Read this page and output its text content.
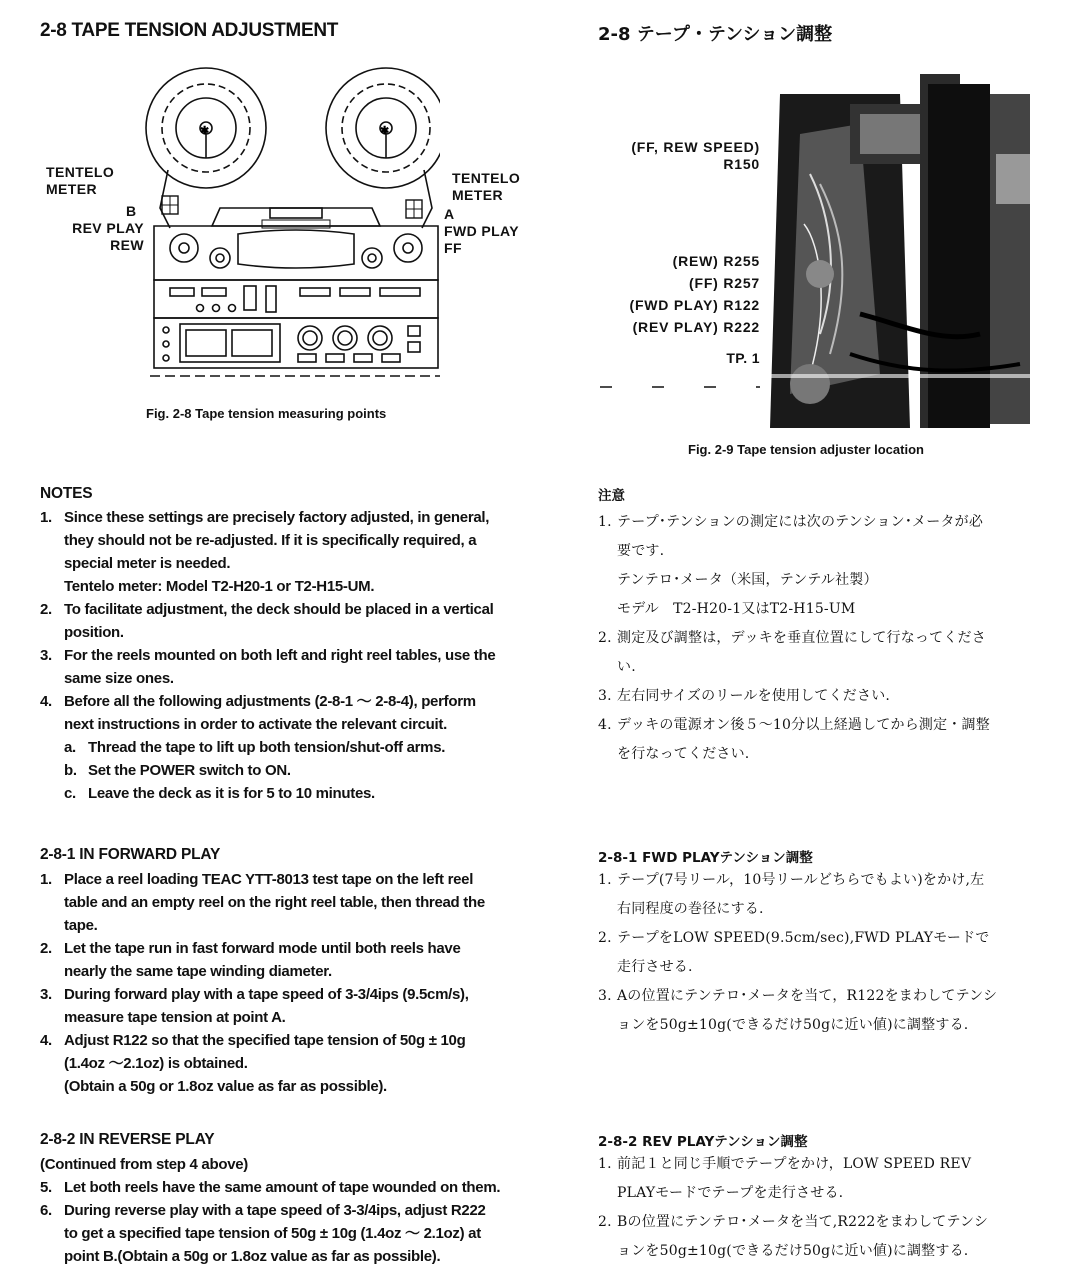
2-8 TAPE TENSION ADJUSTMENT	2-8 テープ・テンション調整
✱	✱
TENTELO
METER
B
REV PLAY
REW
TENTELO
METER
A
FWD PLAY
FF
Fig. 2-8 Tape tension measuring points
(FF, REW SPEED)
R150
(REW) R255
(FF) R257
(FWD PLAY) R122
(REV PLAY) R222
TP. 1
Fig. 2-9 Tape tension adjuster location
NOTES
1. Since these settings are precisely factory adjusted, in general,
they should not be re-adjusted. If it is specifically required, a
special meter is needed.
Tentelo meter: Model T2-H20-1 or T2-H15-UM.
2. To facilitate adjustment, the deck should be placed in a vertical
position.
3. For the reels mounted on both left and right reel tables, use the
same size ones.
4. Before all the following adjustments (2-8-1 ～ 2-8-4), perform
next instructions in order to activate the relevant circuit.
a. Thread the tape to lift up both tension/shut-off arms.
b. Set the POWER switch to ON.
c. Leave the deck as it is for 5 to 10 minutes.
注意
1. テープ･テンションの測定には次のテンション･メータが必
要です.
テンテロ･メータ（米国，テンテル社製）
モデル　T2-H20-1又はT2-H15-UM
2. 測定及び調整は，デッキを垂直位置にして行なってくださ
い.
3. 左右同サイズのリールを使用してください.
4. デッキの電源オン後５～10分以上経過してから測定・調整
を行なってください.
2-8-1 IN FORWARD PLAY
1. Place a reel loading TEAC YTT-8013 test tape on the left reel
table and an empty reel on the right reel table, then thread the
tape.
2. Let the tape run in fast forward mode until both reels have
nearly the same tape winding diameter.
3. During forward play with a tape speed of 3-3/4ips (9.5cm/s),
measure tape tension at point A.
4. Adjust R122 so that the specified tape tension of 50g ± 10g
(1.4oz ～2.1oz) is obtained.
(Obtain a 50g or 1.8oz value as far as possible).
2-8-1 FWD PLAYテンション調整
1. テープ(7号リール，10号リールどちらでもよい)をかけ,左
右同程度の巻径にする.
2. テープをLOW SPEED(9.5cm/sec),FWD PLAYモードで
走行させる.
3. Aの位置にテンテロ･メータを当て，R122をまわしてテンシ
ョンを50g±10g(できるだけ50gに近い値)に調整する.
2-8-2 IN REVERSE PLAY
(Continued from step 4 above)
5. Let both reels have the same amount of tape wounded on them.
6. During reverse play with a tape speed of 3-3/4ips, adjust R222
to get a specified tape tension of 50g ± 10g (1.4oz ～ 2.1oz) at
point B.(Obtain a 50g or 1.8oz value as far as possible).
2-8-2 REV PLAYテンション調整
1. 前記１と同じ手順でテープをかけ，LOW SPEED REV
PLAYモードでテープを走行させる.
2. Bの位置にテンテロ･メータを当て,R222をまわしてテンシ
ョンを50g±10g(できるだけ50gに近い値)に調整する.
